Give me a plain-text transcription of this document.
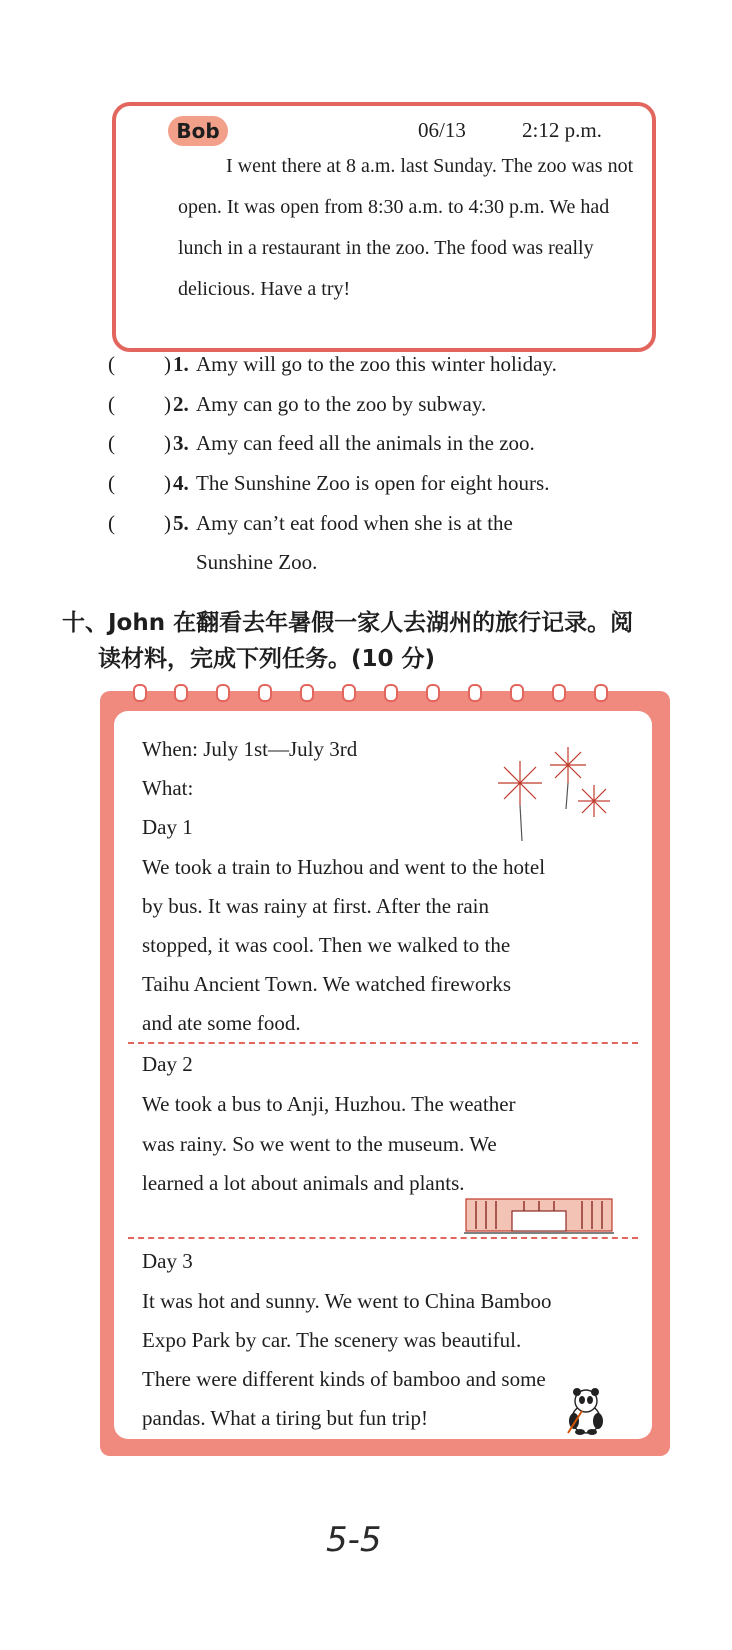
Bob	06/13	2:12 p.m.

I went there at 8 a.m. last Sunday. The zoo was not open. It was open from 8:30 a.m. to 4:30 p.m. We had lunch in a restaurant in the zoo. The food was really delicious. Have a try!

( ) 1. Amy will go to the zoo this winter holiday.
( ) 2. Amy can go to the zoo by subway.
( ) 3. Amy can feed all the animals in the zoo.
( ) 4. The Sunshine Zoo is open for eight hours.
( ) 5. Amy can’t eat food when she is at the
Sunshine Zoo.
十、John 在翻看去年暑假一家人去湖州的旅行记录。阅
读材料，完成下列任务。(10 分)
When: July 1st—July 3rd
What:
Day 1
We took a train to Huzhou and went to the hotel
by bus. It was rainy at first. After the rain
stopped, it was cool. Then we walked to the
Taihu Ancient Town. We watched fireworks
and ate some food.
Day 2
We took a bus to Anji, Huzhou. The weather
was rainy. So we went to the museum. We
learned a lot about animals and plants.
Day 3
It was hot and sunny. We went to China Bamboo
Expo Park by car. The scenery was beautiful.
There were different kinds of bamboo and some
pandas. What a tiring but fun trip!
5-5
